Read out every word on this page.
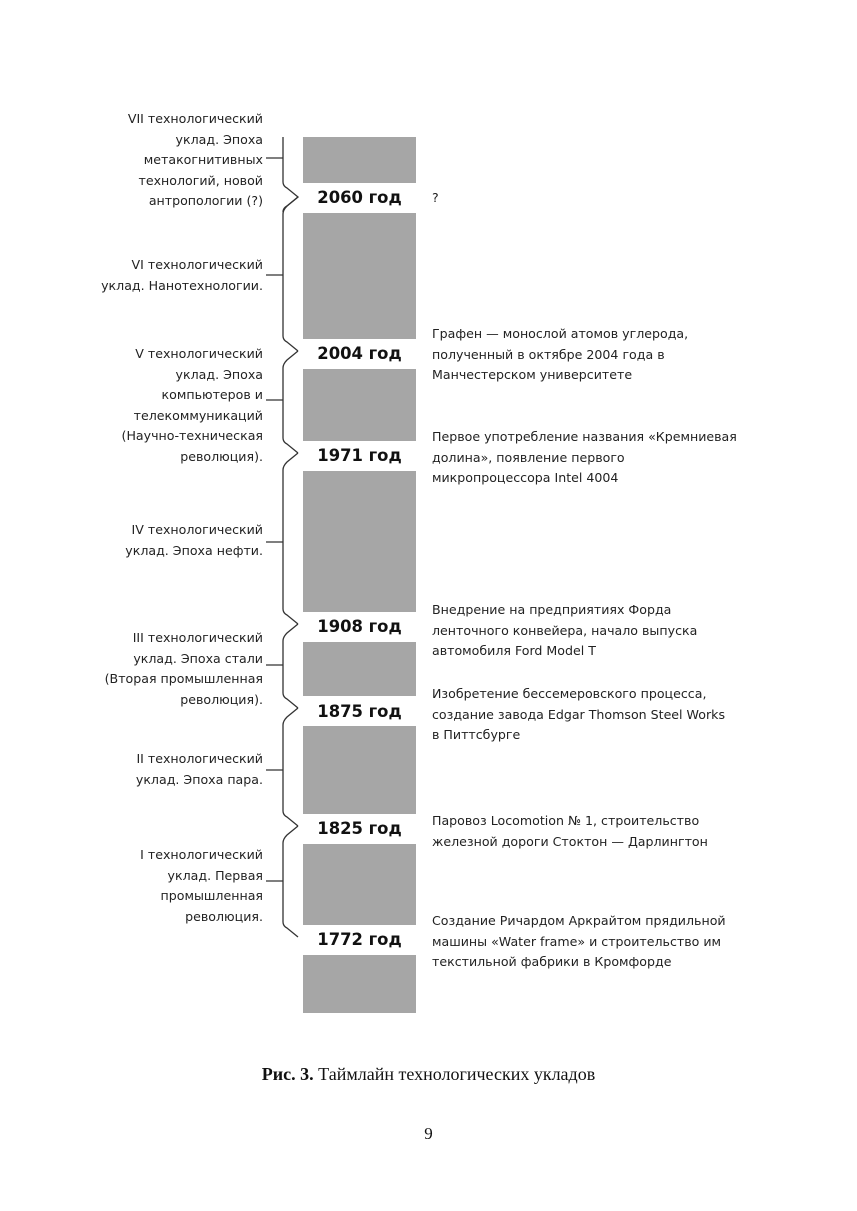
VII технологический
уклад. Эпоха
метакогнитивных
технологий, новой
антропологии (?)
VI технологический
уклад. Нанотехнологии.
V технологический
уклад. Эпоха
компьютеров и
телекоммуникаций
(Научно-техническая
революция).
IV технологический
уклад. Эпоха нефти.
III технологический
уклад. Эпоха стали
(Вторая промышленная
революция).
II технологический
уклад. Эпоха пара.
I технологический
уклад. Первая
промышленная
революция.
2060 год
2004 год
1971 год
1908 год
1875 год
1825 год
1772 год
?
Графен — монослой атомов углерода,
полученный в октябре 2004 года в
Манчестерском университете
Первое употребление названия «Кремниевая
долина», появление первого
микропроцессора Intel 4004
Внедрение на предприятиях Форда
ленточного конвейера, начало выпуска
автомобиля Ford Model T
Изобретение бессемеровского процесса,
создание завода Edgar Thomson Steel Works
в Питтсбурге
Паровоз Locomotion № 1, строительство
железной дороги Стоктон — Дарлингтон
Создание Ричардом Аркрайтом прядильной
машины «Water frame» и строительство им
текстильной фабрики в Кромфорде
Рис. 3. Таймлайн технологических укладов
9
